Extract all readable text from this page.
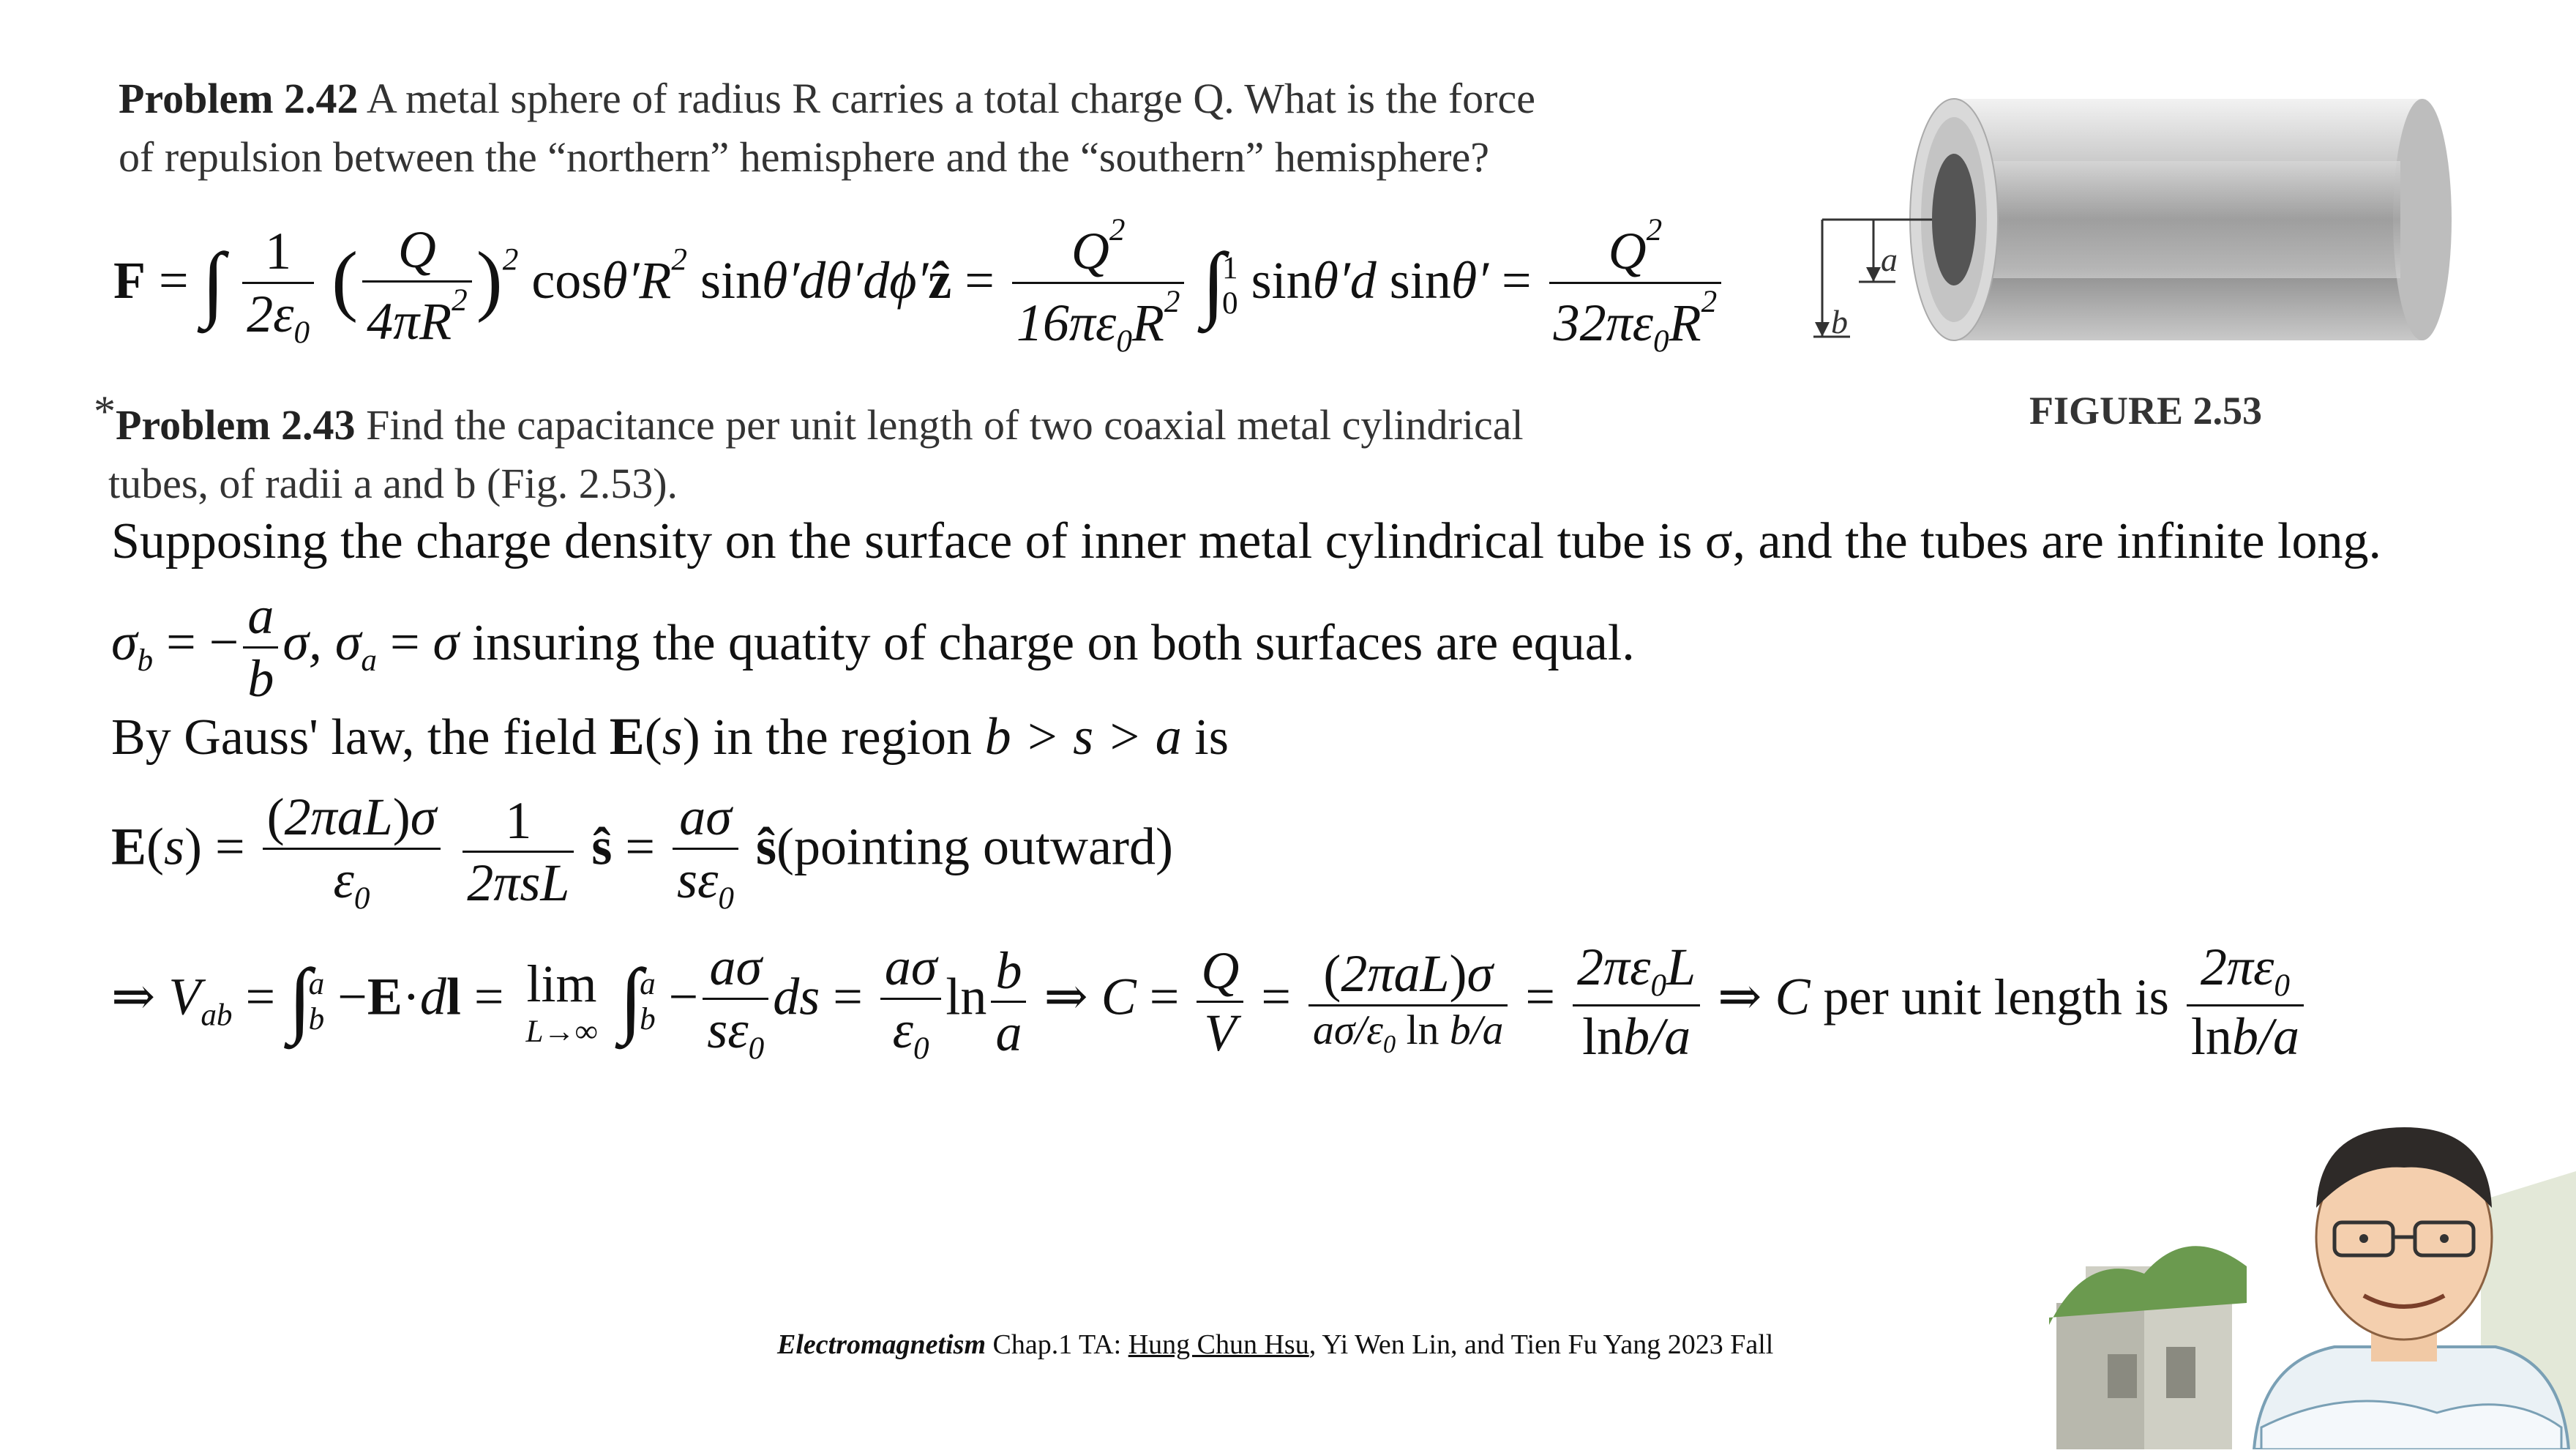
Problem 2.42 A metal sphere of radius R carries a total charge Q. What is the force
of repulsion between the “northern” hemisphere and the “southern” hemisphere?
F = ∫ $\frac{1}{2\varepsilon_0}$ ( $\frac{Q}{4\pi R^2} )^2$ $\cos\theta'R^2$ sinθ′dθ′dϕ′ẑ = $\frac{Q^2}{16\pi\varepsilon_0R^2} \int 1$
0 sinθ′d $\sin\theta' = \frac{Q^2}{32\pi\varepsilon_0R^2}$	a
b
FIGURE 2.53
*Problem 2.43 Find the capacitance per unit length of two coaxial metal cylindrical
tubes, of radii a and b (Fig. 2.53).
Supposing the charge density on the surface of inner metal cylindrical tube is σ, and the tubes are infinite long.
$\sigma_b$ = − $\frac{a}{b} \sigma$, $\sigma_a = \sigma$ insuring the quatity of charge on both surfaces are equal.
By Gauss' law, the field E(s) in the region b > s > a is
$E(s) = \frac{\text{(2πaL)σ}}{\varepsilon_0}$
$\frac{1}{\text{2πsL}}$ ŝ = $\frac{a\sigma}{s\varepsilon_0}$ ŝ(pointing outward)
⇒ $V_{ab} = \int a$
b −E·dl = lim
L→∞ ∫a
$b - \frac{a\sigma}{s\varepsilon_0}$ ds = $\frac{a\sigma}{\varepsilon_0}$ $\ln \frac{b}{a}$ ⇒ $C = \frac{Q}{V} = \frac{\text{(2πaL)σ}}{a\sigma/\varepsilon_0 \ln b/a} = \frac{2\pi\varepsilon_0L}{\ln b/a}$ ⇒ C per unit length is $\frac{2\pi\varepsilon_0}{\ln b/a}$
Electromagnetism Chap.1 TA: Hung Chun Hsu, Yi Wen Lin, and Tien Fu Yang 2023 Fall
